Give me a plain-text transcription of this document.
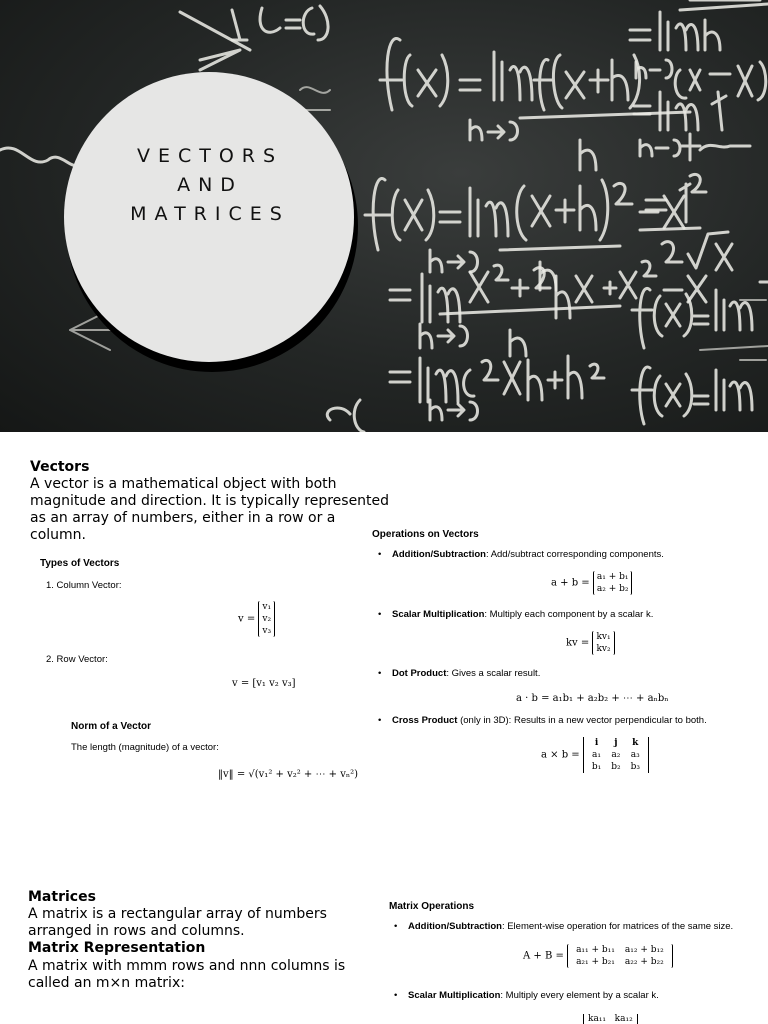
VECTORS
AND
MATRICES
Vectors
A vector is a mathematical object with both
magnitude and direction. It is typically represented
as an array of numbers, either in a row or a
column.
Types of Vectors
1. Column Vector:
v =
v₁
v₂
v₃
2. Row Vector:
v = [v₁ v₂ v₃]
Norm of a Vector
The length (magnitude) of a vector:
‖v‖ = √(v₁² + v₂² + ⋯ + vₙ²)
Operations on Vectors
• Addition/Subtraction: Add/subtract corresponding components.
a + b =
a₁ + b₁
a₂ + b₂
• Scalar Multiplication: Multiply each component by a scalar k.
kv =
kv₁
kv₂
• Dot Product: Gives a scalar result.
a · b = a₁b₁ + a₂b₂ + ⋯ + aₙbₙ
• Cross Product (only in 3D): Results in a new vector perpendicular to both.
a × b =
i	j	k
a₁	a₂	a₃
b₁	b₂	b₃
Matrices
A matrix is a rectangular array of numbers
arranged in rows and columns.
Matrix Representation
A matrix with mmm rows and nnn columns is
called an m×n matrix:
Matrix Operations
• Addition/Subtraction: Element-wise operation for matrices of the same size.
A + B =
a₁₁ + b₁₁	a₁₂ + b₁₂
a₂₁ + b₂₁	a₂₂ + b₂₂
• Scalar Multiplication: Multiply every element by a scalar k.
ka₁₁ ka₁₂
